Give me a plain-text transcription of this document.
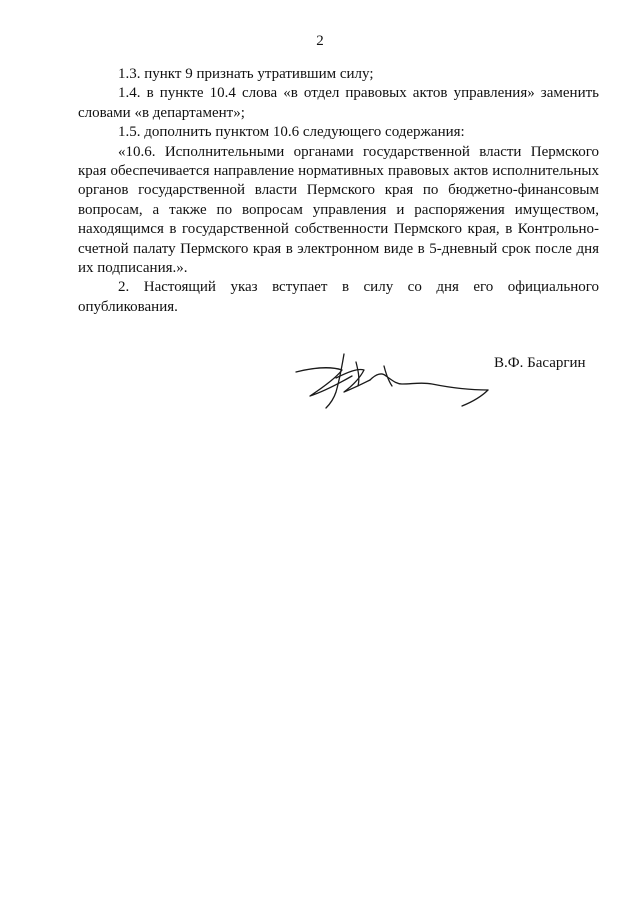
2

1.3. пункт 9 признать утратившим силу;

1.4. в пункте 10.4 слова «в отдел правовых актов управления» заменить словами «в департамент»;

1.5. дополнить пунктом 10.6 следующего содержания:

«10.6. Исполнительными органами государственной власти Пермского края обеспечивается направление нормативных правовых актов исполнительных органов государственной власти Пермского края по бюджетно-финансовым вопросам, а также по вопросам управления и распоряжения имуществом, находящимся в государственной собственности Пермского края, в Контрольно-счетной палату Пермского края в электронном виде в 5-дневный срок после дня их подписания.».

2. Настоящий указ вступает в силу со дня его официального опубликования.

В.Ф. Басаргин
